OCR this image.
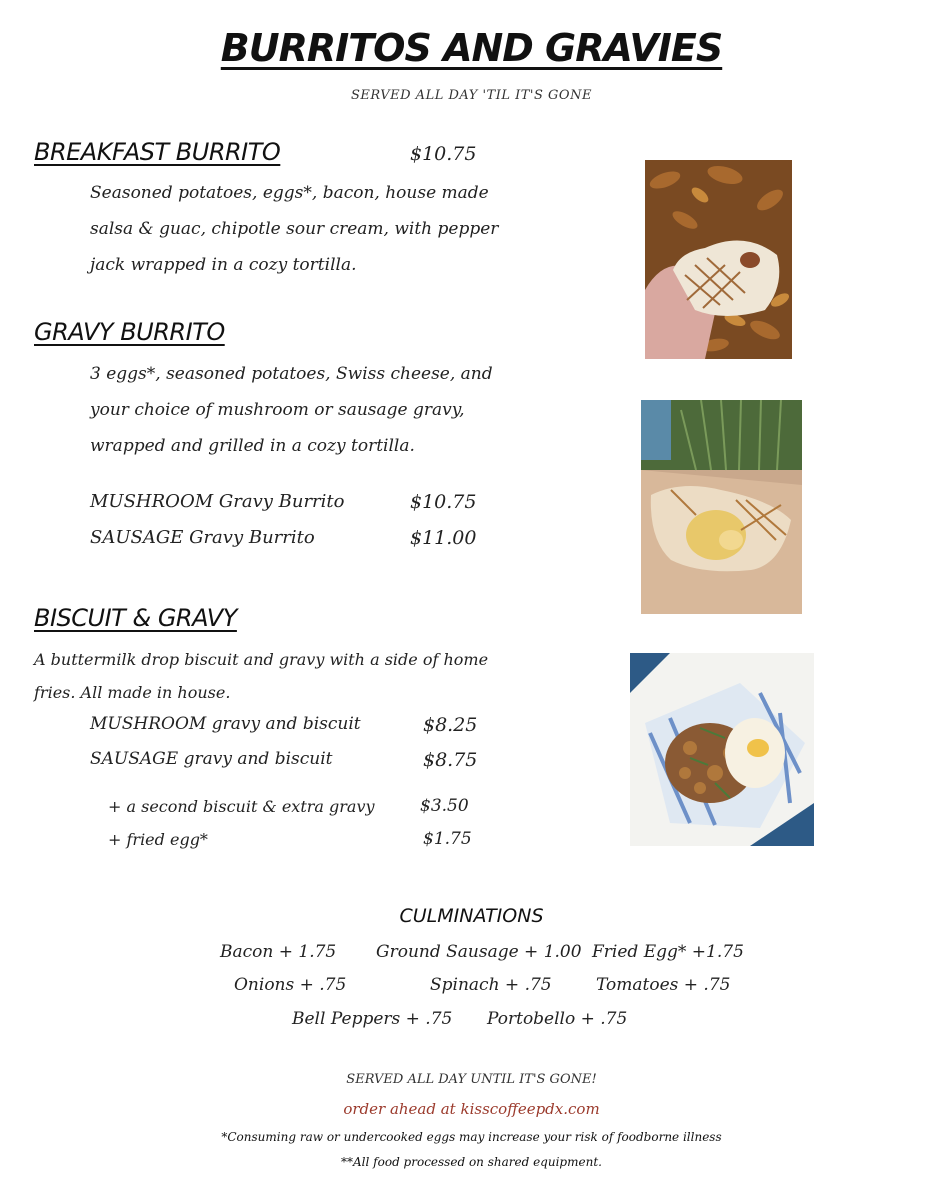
BURRITOS AND GRAVIES
SERVED ALL DAY 'TIL IT'S GONE
BREAKFAST BURRITO	$10.75
Seasoned potatoes, eggs*, bacon, house made
salsa & guac, chipotle sour cream, with pepper
jack wrapped in a cozy tortilla.
GRAVY BURRITO
3 eggs*, seasoned potatoes, Swiss cheese, and
your choice of mushroom or sausage gravy,
wrapped and grilled in a cozy tortilla.
MUSHROOM Gravy Burrito	$10.75
SAUSAGE Gravy Burrito	$11.00
BISCUIT & GRAVY
A buttermilk drop biscuit and gravy with a side of home
fries. All made in house.
MUSHROOM gravy and biscuit	$8.25
SAUSAGE gravy and biscuit	$8.75
+ a second biscuit & extra gravy	$3.50
+ fried egg*	$1.75
CULMINATIONS
Bacon + 1.75 Ground Sausage + 1.00 Fried Egg* +1.75
Onions + .75	Spinach + .75	Tomatoes + .75
Bell Peppers + .75 Portobello + .75
SERVED ALL DAY UNTIL IT'S GONE!
order ahead at kisscoffeepdx.com
*Consuming raw or undercooked eggs may increase your risk of foodborne illness
**All food processed on shared equipment.
